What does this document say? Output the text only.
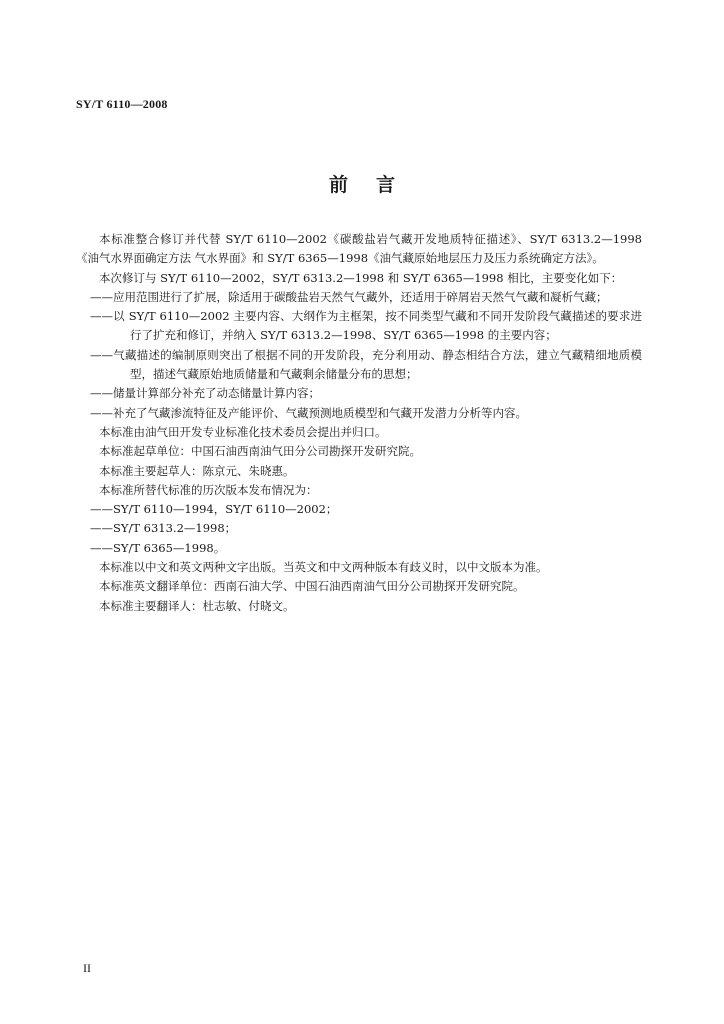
SY/T 6110—2008
前言

本标准整合修订并代替 SY/T 6110—2002《碳酸盐岩气藏开发地质特征描述》、SY/T 6313.2—1998《油气水界面确定方法 气水界面》和 SY/T 6365—1998《油气藏原始地层压力及压力系统确定方法》。

本次修订与 SY/T 6110—2002，SY/T 6313.2—1998 和 SY/T 6365—1998 相比，主要变化如下：

——应用范围进行了扩展，除适用于碳酸盐岩天然气气藏外，还适用于碎屑岩天然气气藏和凝析气藏；

——以 SY/T 6110—2002 主要内容、大纲作为主框架，按不同类型气藏和不同开发阶段气藏描述的要求进行了扩充和修订，并纳入 SY/T 6313.2—1998、SY/T 6365—1998 的主要内容；

——气藏描述的编制原则突出了根据不同的开发阶段，充分利用动、静态相结合方法，建立气藏精细地质模型，描述气藏原始地质储量和气藏剩余储量分布的思想；

——储量计算部分补充了动态储量计算内容；

——补充了气藏渗流特征及产能评价、气藏预测地质模型和气藏开发潜力分析等内容。

本标准由油气田开发专业标准化技术委员会提出并归口。

本标准起草单位：中国石油西南油气田分公司勘探开发研究院。

本标准主要起草人：陈京元、朱晓惠。

本标准所替代标准的历次版本发布情况为：

——SY/T 6110—1994，SY/T 6110—2002；

——SY/T 6313.2—1998；

——SY/T 6365—1998。

本标准以中文和英文两种文字出版。当英文和中文两种版本有歧义时，以中文版本为准。

本标准英文翻译单位：西南石油大学、中国石油西南油气田分公司勘探开发研究院。

本标准主要翻译人：杜志敏、付晓文。

II
